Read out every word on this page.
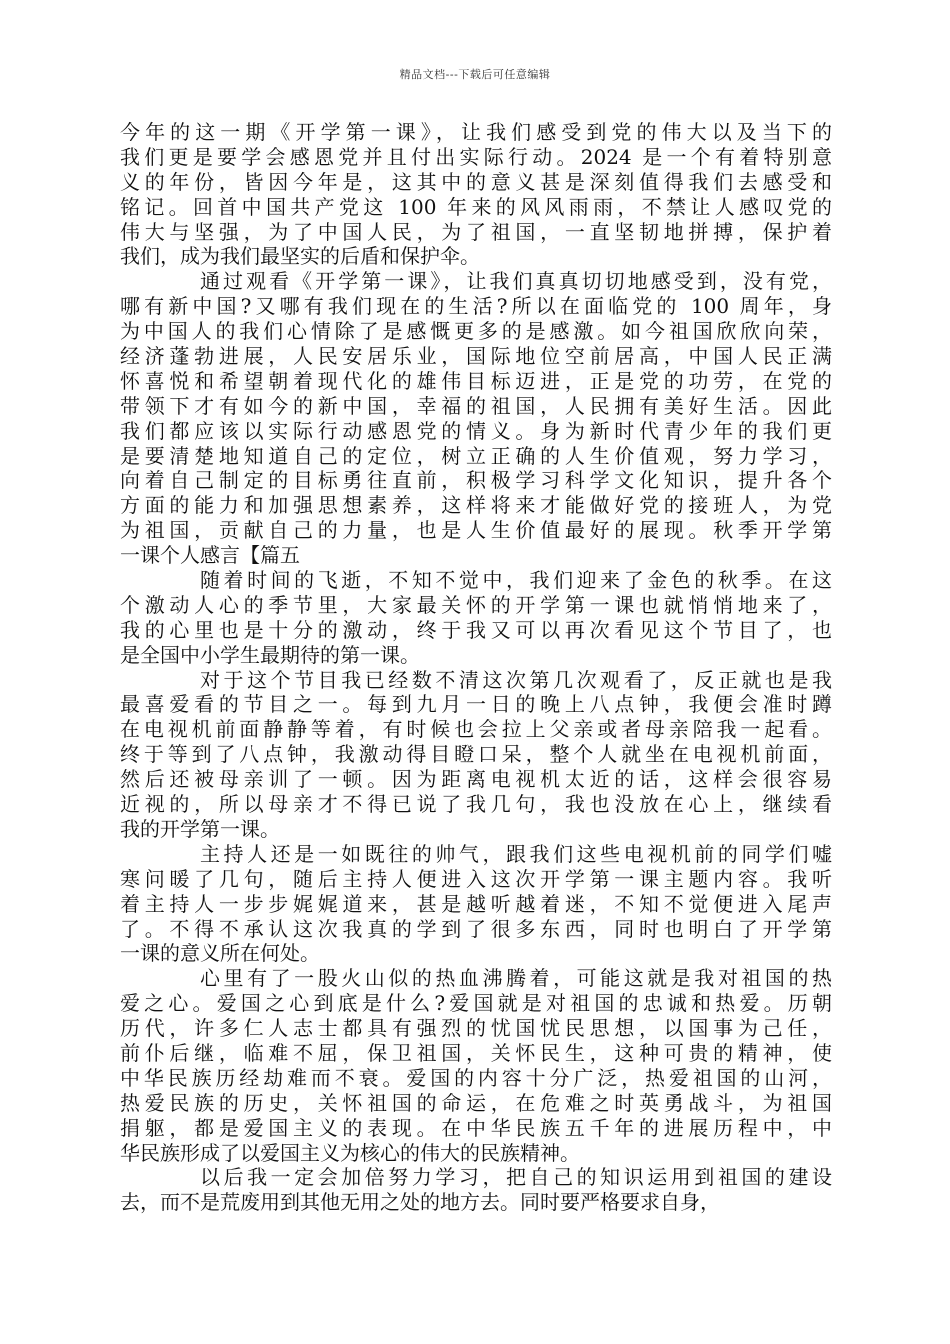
精品文档---下载后可任意编辑
今年的这一期《开学第一课》，让我们感受到党的伟大以及当下的
我们更是要学会感恩党并且付出实际行动。2024 是一个有着特别意
义的年份，皆因今年是，这其中的意义甚是深刻值得我们去感受和
铭记。回首中国共产党这 100 年来的风风雨雨，不禁让人感叹党的
伟大与坚强，为了中国人民，为了祖国，一直坚韧地拼搏，保护着
我们，成为我们最坚实的后盾和保护伞。
通过观看《开学第一课》，让我们真真切切地感受到，没有党，
哪有新中国?又哪有我们现在的生活?所以在面临党的 100 周年，身
为中国人的我们心情除了是感慨更多的是感激。如今祖国欣欣向荣，
经济蓬勃进展，人民安居乐业，国际地位空前居高，中国人民正满
怀喜悦和希望朝着现代化的雄伟目标迈进，正是党的功劳，在党的
带领下才有如今的新中国，幸福的祖国，人民拥有美好生活。因此
我们都应该以实际行动感恩党的情义。身为新时代青少年的我们更
是要清楚地知道自己的定位，树立正确的人生价值观，努力学习，
向着自己制定的目标勇往直前，积极学习科学文化知识，提升各个
方面的能力和加强思想素养，这样将来才能做好党的接班人，为党
为祖国，贡献自己的力量，也是人生价值最好的展现。秋季开学第
一课个人感言【篇五
随着时间的飞逝，不知不觉中，我们迎来了金色的秋季。在这
个激动人心的季节里，大家最关怀的开学第一课也就悄悄地来了，
我的心里也是十分的激动，终于我又可以再次看见这个节目了，也
是全国中小学生最期待的第一课。
对于这个节目我已经数不清这次第几次观看了，反正就也是我
最喜爱看的节目之一。每到九月一日的晚上八点钟，我便会准时蹲
在电视机前面静静等着，有时候也会拉上父亲或者母亲陪我一起看。
终于等到了八点钟，我激动得目瞪口呆，整个人就坐在电视机前面，
然后还被母亲训了一顿。因为距离电视机太近的话，这样会很容易
近视的，所以母亲才不得已说了我几句，我也没放在心上，继续看
我的开学第一课。
主持人还是一如既往的帅气，跟我们这些电视机前的同学们嘘
寒问暖了几句，随后主持人便进入这次开学第一课主题内容。我听
着主持人一步步娓娓道来，甚是越听越着迷，不知不觉便进入尾声
了。不得不承认这次我真的学到了很多东西，同时也明白了开学第
一课的意义所在何处。
心里有了一股火山似的热血沸腾着，可能这就是我对祖国的热
爱之心。爱国之心到底是什么?爱国就是对祖国的忠诚和热爱。历朝
历代，许多仁人志士都具有强烈的忧国忧民思想，以国事为己任，
前仆后继，临难不屈，保卫祖国，关怀民生，这种可贵的精神，使
中华民族历经劫难而不衰。爱国的内容十分广泛，热爱祖国的山河，
热爱民族的历史，关怀祖国的命运，在危难之时英勇战斗，为祖国
捐躯，都是爱国主义的表现。在中华民族五千年的进展历程中，中
华民族形成了以爱国主义为核心的伟大的民族精神。
以后我一定会加倍努力学习，把自己的知识运用到祖国的建设
去，而不是荒废用到其他无用之处的地方去。同时要严格要求自身，
